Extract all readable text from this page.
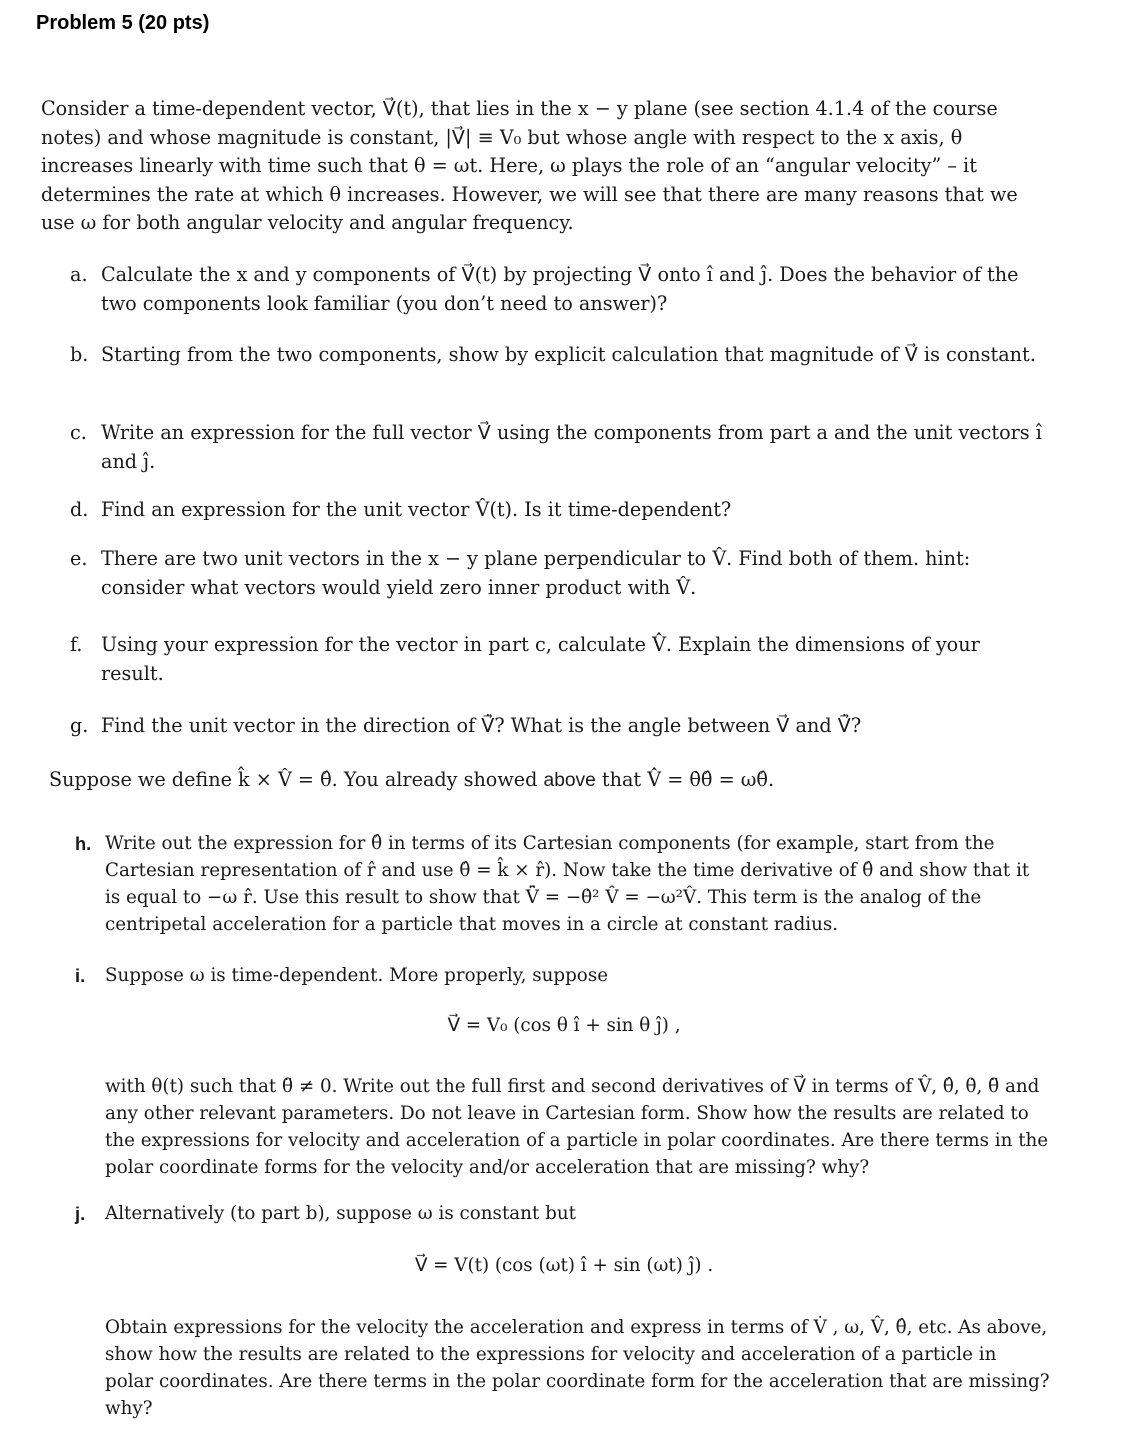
Problem 5 (20 pts)

Consider a time-dependent vector, V⃗(t), that lies in the x − y plane (see section 4.1.4 of the course notes) and whose magnitude is constant, |V⃗| ≡ V₀ but whose angle with respect to the x axis, θ increases linearly with time such that θ = ωt. Here, ω plays the role of an “angular velocity” – it determines the rate at which θ increases. However, we will see that there are many reasons that we use ω for both angular velocity and angular frequency.

a. Calculate the x and y components of V⃗(t) by projecting V⃗ onto î and ĵ. Does the behavior of the two components look familiar (you don’t need to answer)?
b. Starting from the two components, show by explicit calculation that magnitude of V⃗ is constant.
c. Write an expression for the full vector V⃗ using the components from part a and the unit vectors î and ĵ.
d. Find an expression for the unit vector V̂(t). Is it time-dependent?
e. There are two unit vectors in the x − y plane perpendicular to V̂. Find both of them. hint: consider what vectors would yield zero inner product with V̂.
f. Using your expression for the vector in part c, calculate V̂̇. Explain the dimensions of your result.
g. Find the unit vector in the direction of V⃗̇? What is the angle between V⃗ and V⃗̇?

Suppose we define k̂ × V̂ = θ̂. You already showed above that V̂̇ = θ̇θ̂ = ωθ̂.

h. Write out the expression for θ̂ in terms of its Cartesian components (for example, start from the Cartesian representation of r̂ and use θ̂ = k̂ × r̂). Now take the time derivative of θ̂ and show that it is equal to −ω r̂. Use this result to show that V̂̈ = −θ̇² V̂ = −ω²V̂. This term is the analog of the centripetal acceleration for a particle that moves in a circle at constant radius.
i. Suppose ω is time-dependent. More properly, suppose
V⃗ = V₀ (cos θ î + sin θ ĵ) ,

with θ(t) such that θ̈ ≠ 0. Write out the full first and second derivatives of V⃗ in terms of V̂, θ̂, θ̇, θ̈ and any other relevant parameters. Do not leave in Cartesian form. Show how the results are related to the expressions for velocity and acceleration of a particle in polar coordinates. Are there terms in the polar coordinate forms for the velocity and/or acceleration that are missing? why?

j. Alternatively (to part b), suppose ω is constant but
V⃗ = V(t) (cos (ωt) î + sin (ωt) ĵ) .

Obtain expressions for the velocity the acceleration and express in terms of V̇ , ω, V̂, θ̂, etc. As above, show how the results are related to the expressions for velocity and acceleration of a particle in polar coordinates. Are there terms in the polar coordinate form for the acceleration that are missing? why?
